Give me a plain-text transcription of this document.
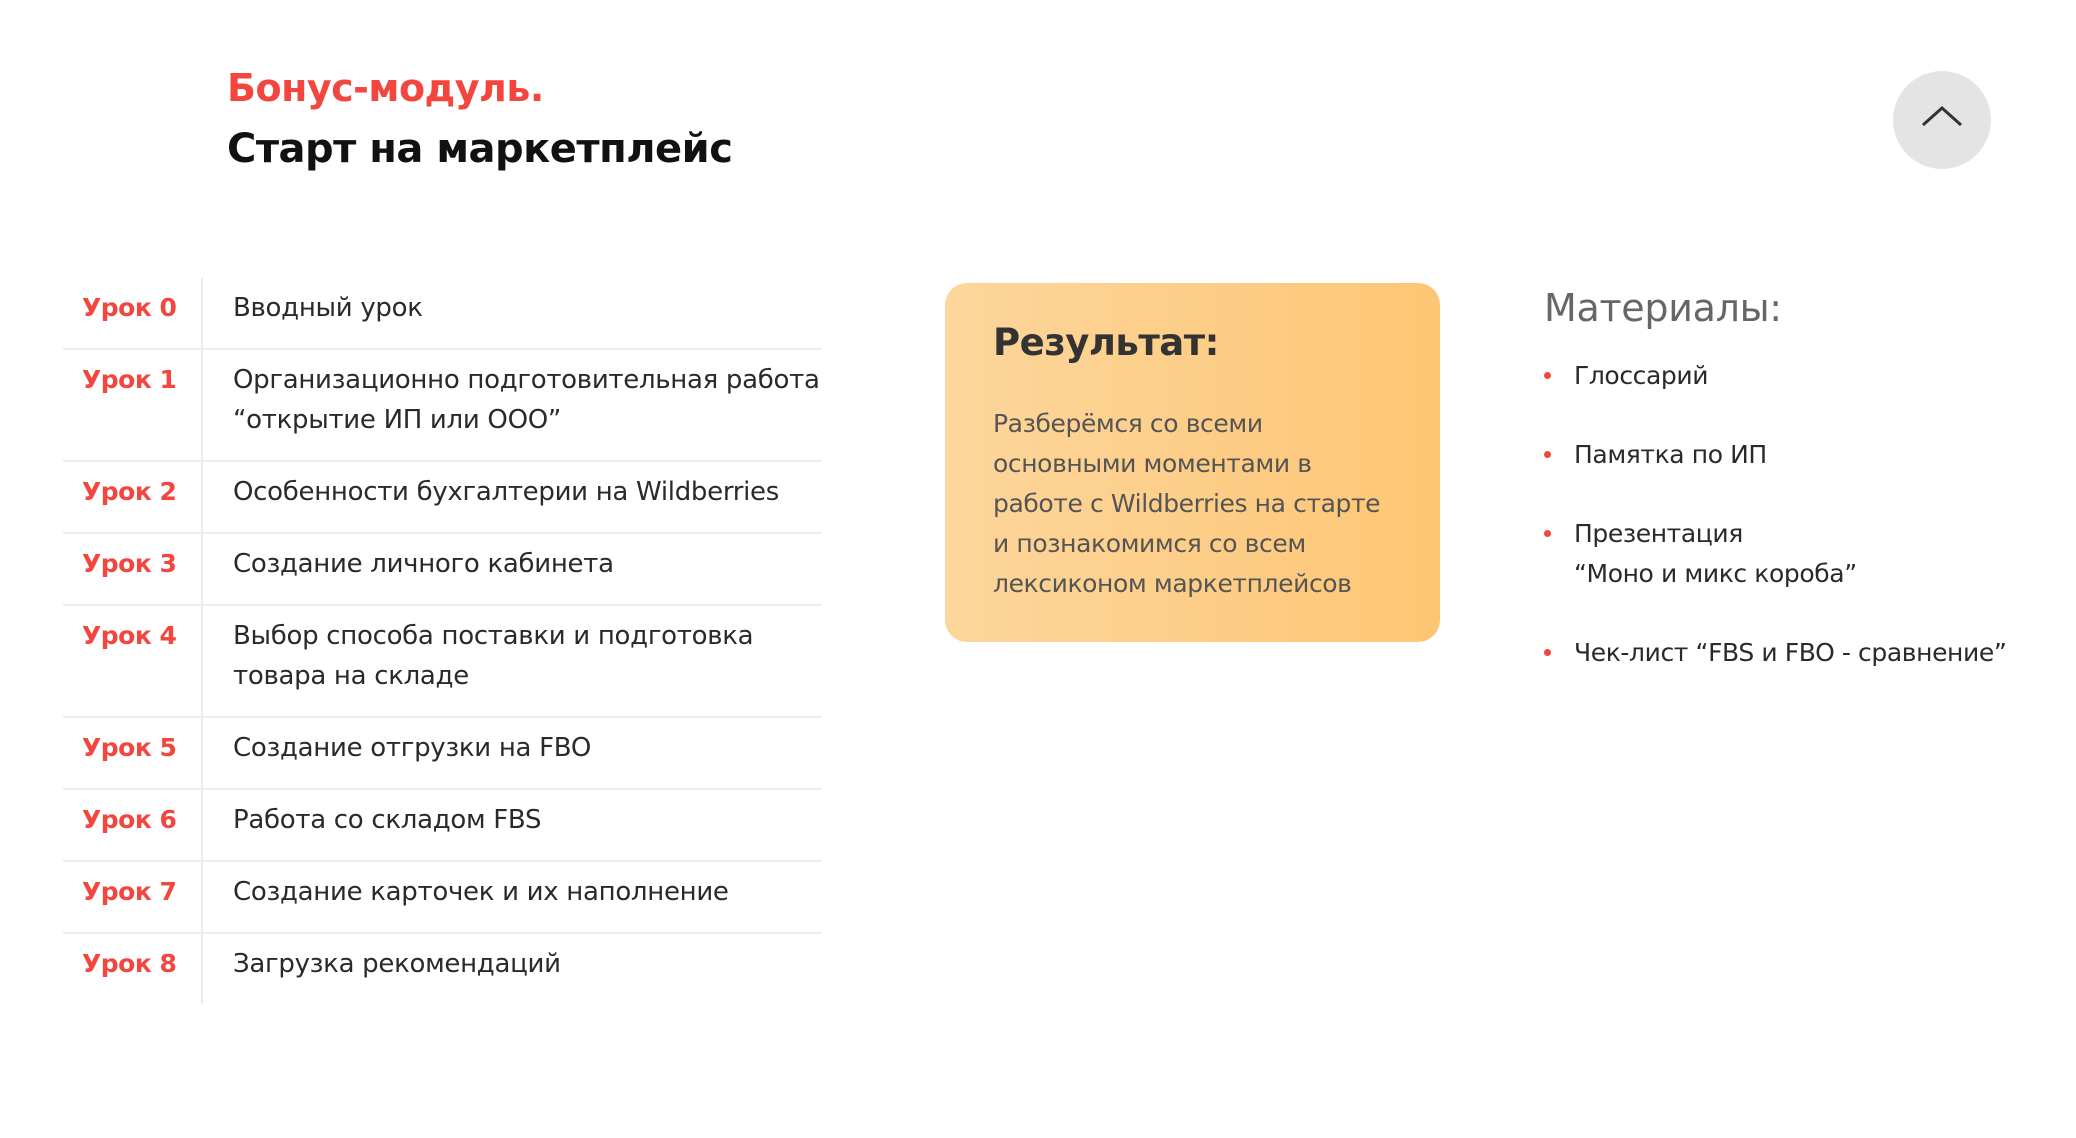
Бонус-модуль.
Старт на маркетплейс
Урок 0	Вводный урок
Урок 1	Организационно подготовительная работа “открытие ИП или ООО”
Урок 2	Особенности бухгалтерии на Wildberries
Урок 3	Создание личного кабинета
Урок 4	Выбор способа поставки и подготовка товара на складе
Урок 5	Создание отгрузки на FBO
Урок 6	Работа со складом FBS
Урок 7	Создание карточек и их наполнение
Урок 8	Загрузка рекомендаций
Результат:

Разберёмся со всеми основными моментами в работе с Wildberries на старте и познакомимся со всем лексиконом маркетплейсов

Материалы:
Глоссарий
Памятка по ИП
Презентация
“Моно и микс короба”
Чек-лист “FBS и FBO - сравнение”
